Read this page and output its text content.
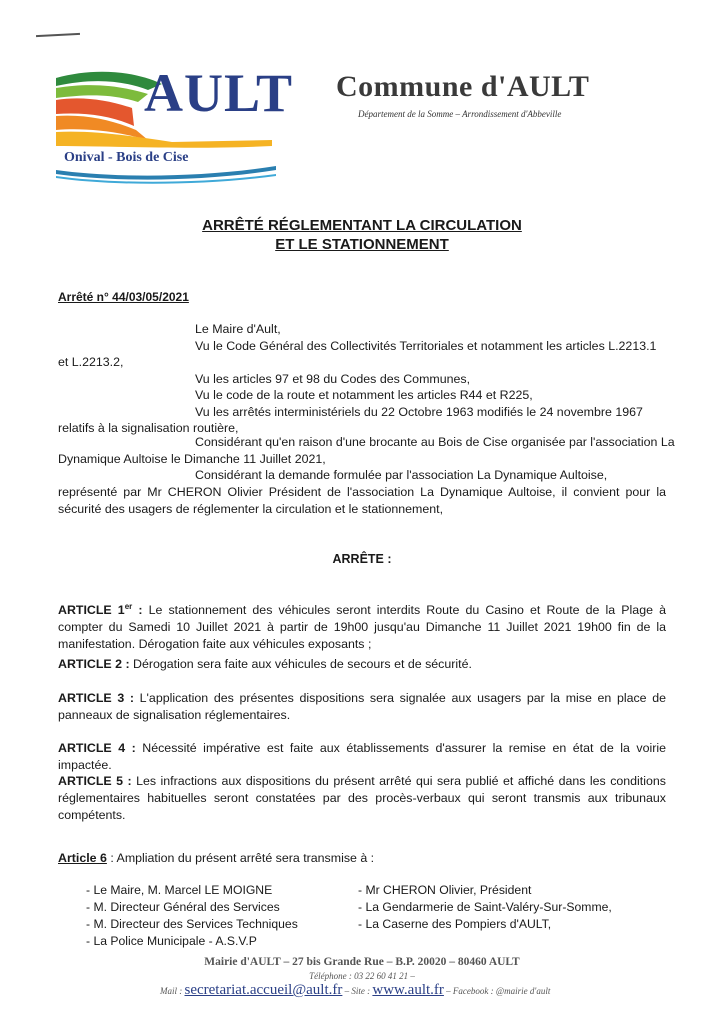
AULT
Onival - Bois de Cise
Commune d'AULT
Département de la Somme – Arrondissement d'Abbeville
ARRÊTÉ RÉGLEMENTANT LA CIRCULATION
ET LE STATIONNEMENT
Arrêté n° 44/03/05/2021
Le Maire d'Ault,
Vu le Code Général des Collectivités Territoriales et notamment les articles L.2213.1
et L.2213.2,
Vu les articles 97 et 98 du Codes des Communes,
Vu le code de la route et notamment les articles R44 et R225,
Vu les arrêtés interministériels du 22 Octobre 1963 modifiés le 24 novembre 1967
relatifs à la signalisation routière,
Considérant qu'en raison d'une brocante au Bois de Cise organisée par l'association La
Dynamique Aultoise le Dimanche 11 Juillet 2021,
Considérant la demande formulée par l'association La Dynamique Aultoise,
représenté par Mr CHERON Olivier Président de l'association La Dynamique Aultoise, il convient pour la sécurité des usagers de réglementer la circulation et le stationnement,
ARRÊTE :
ARTICLE 1er : Le stationnement des véhicules seront interdits Route du Casino et Route de la Plage à compter du Samedi 10 Juillet 2021 à partir de 19h00 jusqu'au Dimanche 11 Juillet 2021 19h00 fin de la manifestation. Dérogation faite aux véhicules exposants ;
ARTICLE 2 : Dérogation sera faite aux véhicules de secours et de sécurité.
ARTICLE 3 : L'application des présentes dispositions sera signalée aux usagers par la mise en place de panneaux de signalisation réglementaires.
ARTICLE 4 : Nécessité impérative est faite aux établissements d'assurer la remise en état de la voirie impactée.
ARTICLE 5 : Les infractions aux dispositions du présent arrêté qui sera publié et affiché dans les conditions réglementaires habituelles seront constatées par des procès-verbaux qui seront transmis aux tribunaux compétents.
Article 6 : Ampliation du présent arrêté sera transmise à :
- Le Maire, M. Marcel LE MOIGNE
- M. Directeur Général des Services
- M. Directeur des Services Techniques
- La Police Municipale - A.S.V.P
- Mr CHERON Olivier, Président
- La Gendarmerie de Saint-Valéry-Sur-Somme,
- La Caserne des Pompiers d'AULT,
Mairie d'AULT – 27 bis Grande Rue – B.P. 20020 – 80460 AULT
Téléphone : 03 22 60 41 21 –
Mail : secretariat.accueil@ault.fr – Site : www.ault.fr – Facebook : @mairie d'ault
